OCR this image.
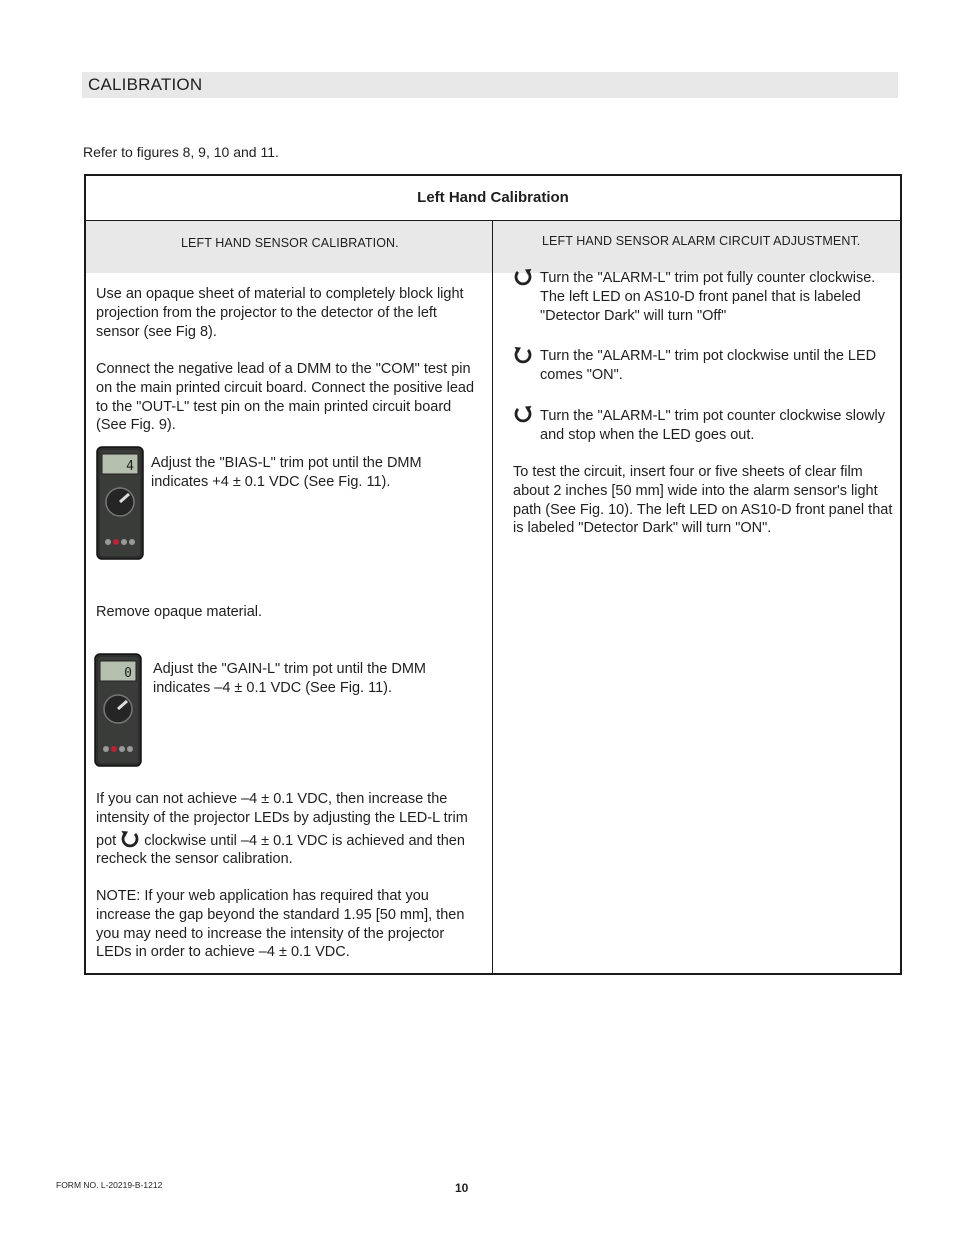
CALIBRATION
Refer to figures 8, 9, 10 and 11.
Left Hand Calibration
LEFT HAND SENSOR CALIBRATION.	LEFT HAND SENSOR ALARM CIRCUIT ADJUSTMENT.

Use an opaque sheet of material to completely block light projection from the projector to the detector of the left sensor (see Fig 8).

Connect the negative lead of a DMM to the "COM" test pin on the main printed circuit board. Connect the positive lead to the "OUT-L" test pin on the main printed circuit board (See Fig. 9).

4 Adjust the "BIAS-L" trim pot until the DMM indicates +4 ± 0.1 VDC (See Fig. 11).

Remove opaque material.

0 Adjust the "GAIN-L" trim pot until the DMM indicates –4 ± 0.1 VDC (See Fig. 11).

If you can not achieve –4 ± 0.1 VDC, then increase the intensity of the projector LEDs by adjusting the LED-L trim pot clockwise until –4 ± 0.1 VDC is achieved and then recheck the sensor calibration.

NOTE: If your web application has required that you increase the gap beyond the standard 1.95 [50 mm], then you may need to increase the intensity of the projector LEDs in order to achieve –4 ± 0.1 VDC.

Turn the "ALARM-L" trim pot fully counter clockwise. The left LED on AS10-D front panel that is labeled "Detector Dark" will turn "Off"

Turn the "ALARM-L" trim pot clockwise until the LED comes "ON".

Turn the "ALARM-L" trim pot counter clockwise slowly and stop when the LED goes out.

To test the circuit, insert four or five sheets of clear film about 2 inches [50 mm] wide into the alarm sensor's light path (See Fig. 10). The left LED on AS10-D front panel that is labeled "Detector Dark" will turn "ON".

FORM NO. L-20219-B-1212	10
